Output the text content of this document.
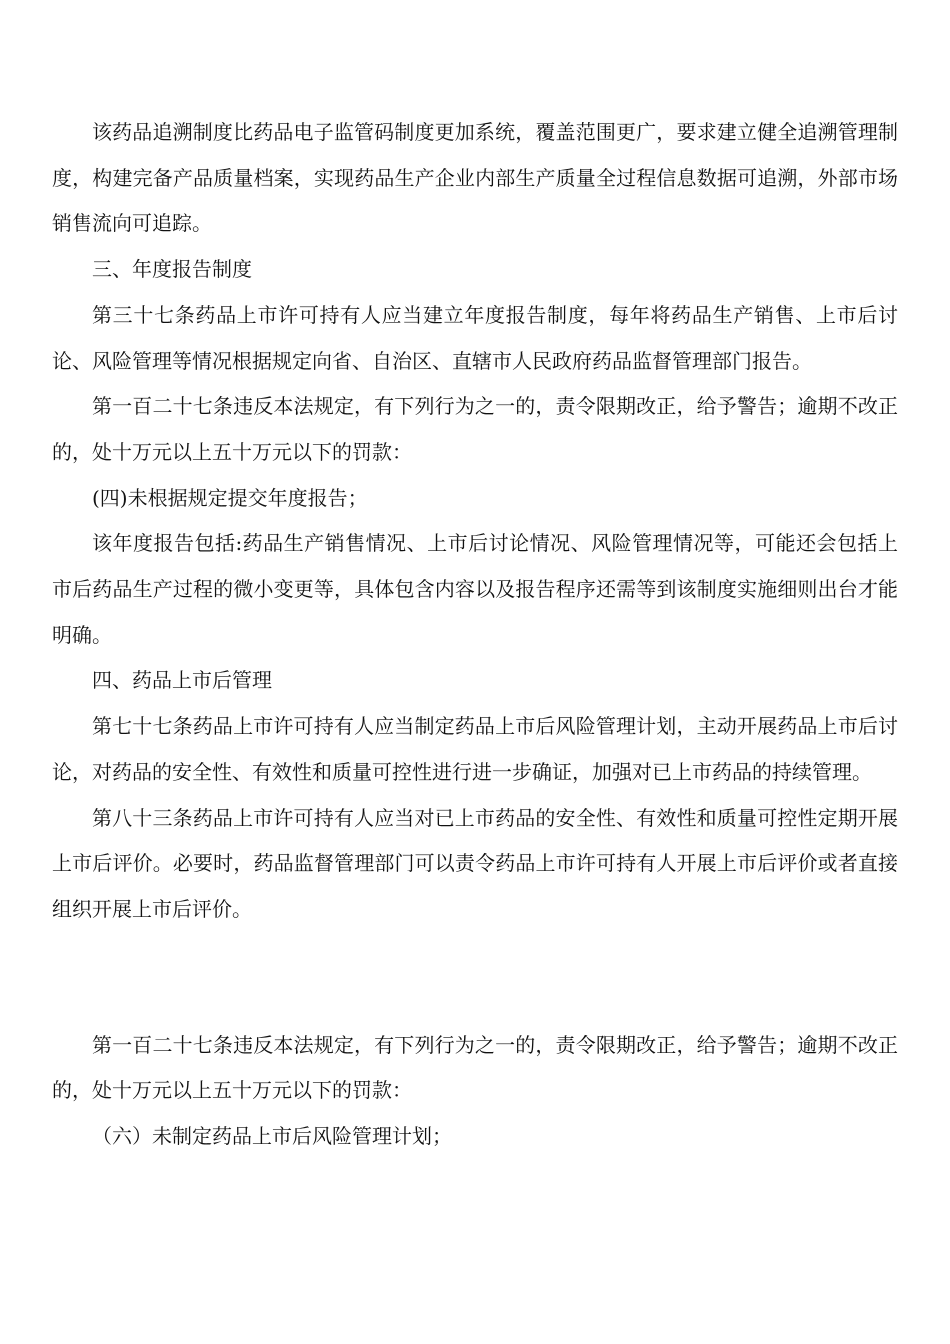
该药品追溯制度比药品电子监管码制度更加系统，覆盖范围更广，要求建立健全追溯管理制度，构建完备产品质量档案，实现药品生产企业内部生产质量全过程信息数据可追溯，外部市场销售流向可追踪。

三、年度报告制度

第三十七条药品上市许可持有人应当建立年度报告制度，每年将药品生产销售、上市后讨论、风险管理等情况根据规定向省、自治区、直辖市人民政府药品监督管理部门报告。

第一百二十七条违反本法规定，有下列行为之一的，责令限期改正，给予警告；逾期不改正的，处十万元以上五十万元以下的罚款：

(四)未根据规定提交年度报告；

该年度报告包括:药品生产销售情况、上市后讨论情况、风险管理情况等，可能还会包括上市后药品生产过程的微小变更等，具体包含内容以及报告程序还需等到该制度实施细则出台才能明确。

四、药品上市后管理

第七十七条药品上市许可持有人应当制定药品上市后风险管理计划，主动开展药品上市后讨论，对药品的安全性、有效性和质量可控性进行进一步确证，加强对已上市药品的持续管理。

第八十三条药品上市许可持有人应当对已上市药品的安全性、有效性和质量可控性定期开展上市后评价。必要时，药品监督管理部门可以责令药品上市许可持有人开展上市后评价或者直接组织开展上市后评价。

第一百二十七条违反本法规定，有下列行为之一的，责令限期改正，给予警告；逾期不改正的，处十万元以上五十万元以下的罚款：

（六）未制定药品上市后风险管理计划；
